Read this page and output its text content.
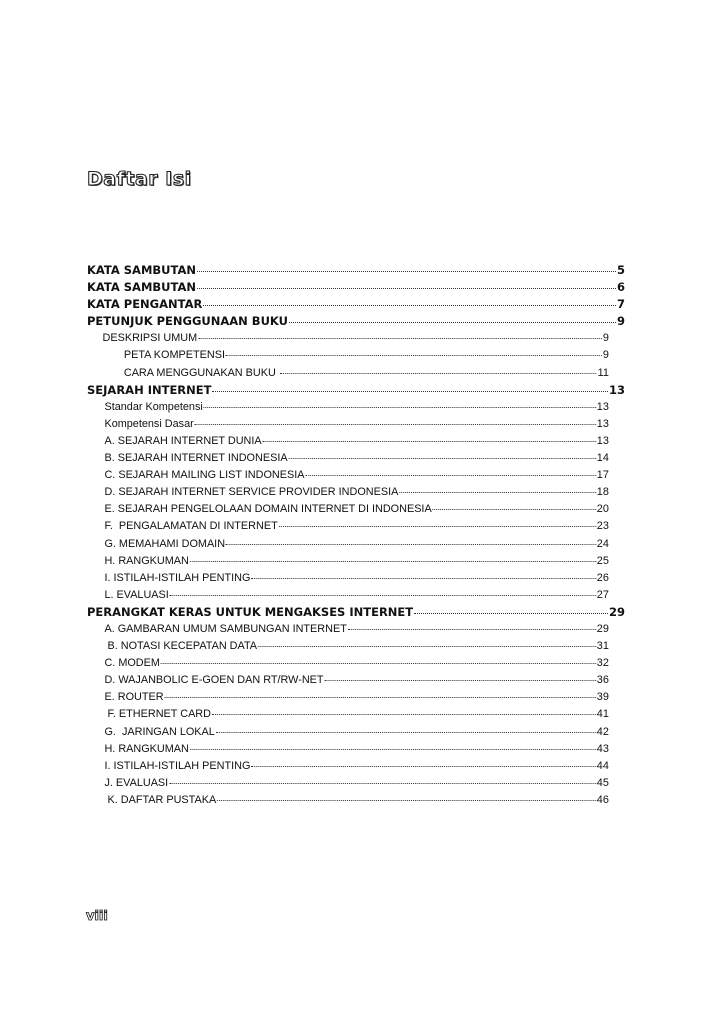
Daftar Isi
KATA SAMBUTAN	5
KATA SAMBUTAN	6
KATA PENGANTAR	7
PETUNJUK PENGGUNAAN BUKU	9
DESKRIPSI UMUM	9
PETA KOMPETENSI	9
CARA MENGGUNAKAN BUKU	11
SEJARAH INTERNET	13
Standar Kompetensi	13
Kompetensi Dasar	13
A. SEJARAH INTERNET DUNIA	13
B. SEJARAH INTERNET INDONESIA	14
C. SEJARAH MAILING LIST INDONESIA	17
D. SEJARAH INTERNET SERVICE PROVIDER INDONESIA	18
E. SEJARAH PENGELOLAAN DOMAIN INTERNET DI INDONESIA	20
F.  PENGALAMATAN DI INTERNET	23
G. MEMAHAMI DOMAIN	24
H. RANGKUMAN	25
I. ISTILAH-ISTILAH PENTING	26
L. EVALUASI	27
PERANGKAT KERAS UNTUK MENGAKSES INTERNET	29
A. GAMBARAN UMUM SAMBUNGAN INTERNET	29
B. NOTASI KECEPATAN DATA	31
C. MODEM	32
D. WAJANBOLIC E-GOEN DAN RT/RW-NET	36
E. ROUTER	39
F. ETHERNET CARD	41
G.  JARINGAN LOKAL	42
H. RANGKUMAN	43
I. ISTILAH-ISTILAH PENTING	44
J. EVALUASI	45
K. DAFTAR PUSTAKA	46
viii
